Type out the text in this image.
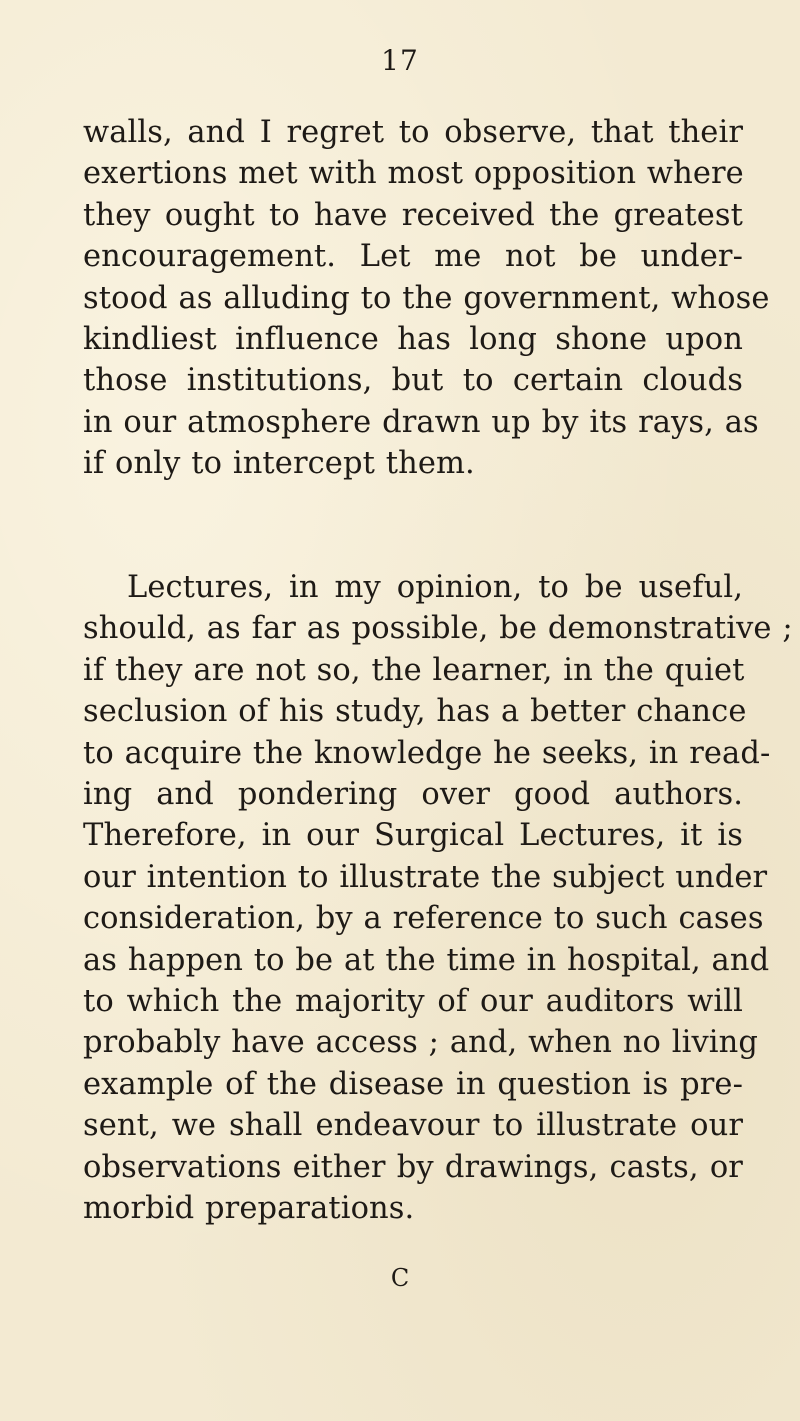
17

walls, and I regret to observe, that their
exertions met with most opposition where
they ought to have received the greatest
encouragement. Let me not be under-
stood as alluding to the government, whose
kindliest influence has long shone upon
those institutions, but to certain clouds
in our atmosphere drawn up by its rays, as
if only to intercept them.

Lectures, in my opinion, to be useful,
should, as far as possible, be demonstrative ;
if they are not so, the learner, in the quiet
seclusion of his study, has a better chance
to acquire the knowledge he seeks, in read-
ing and pondering over good authors.
Therefore, in our Surgical Lectures, it is
our intention to illustrate the subject under
consideration, by a reference to such cases
as happen to be at the time in hospital, and
to which the majority of our auditors will
probably have access ; and, when no living
example of the disease in question is pre-
sent, we shall endeavour to illustrate our
observations either by drawings, casts, or
morbid preparations.

C
